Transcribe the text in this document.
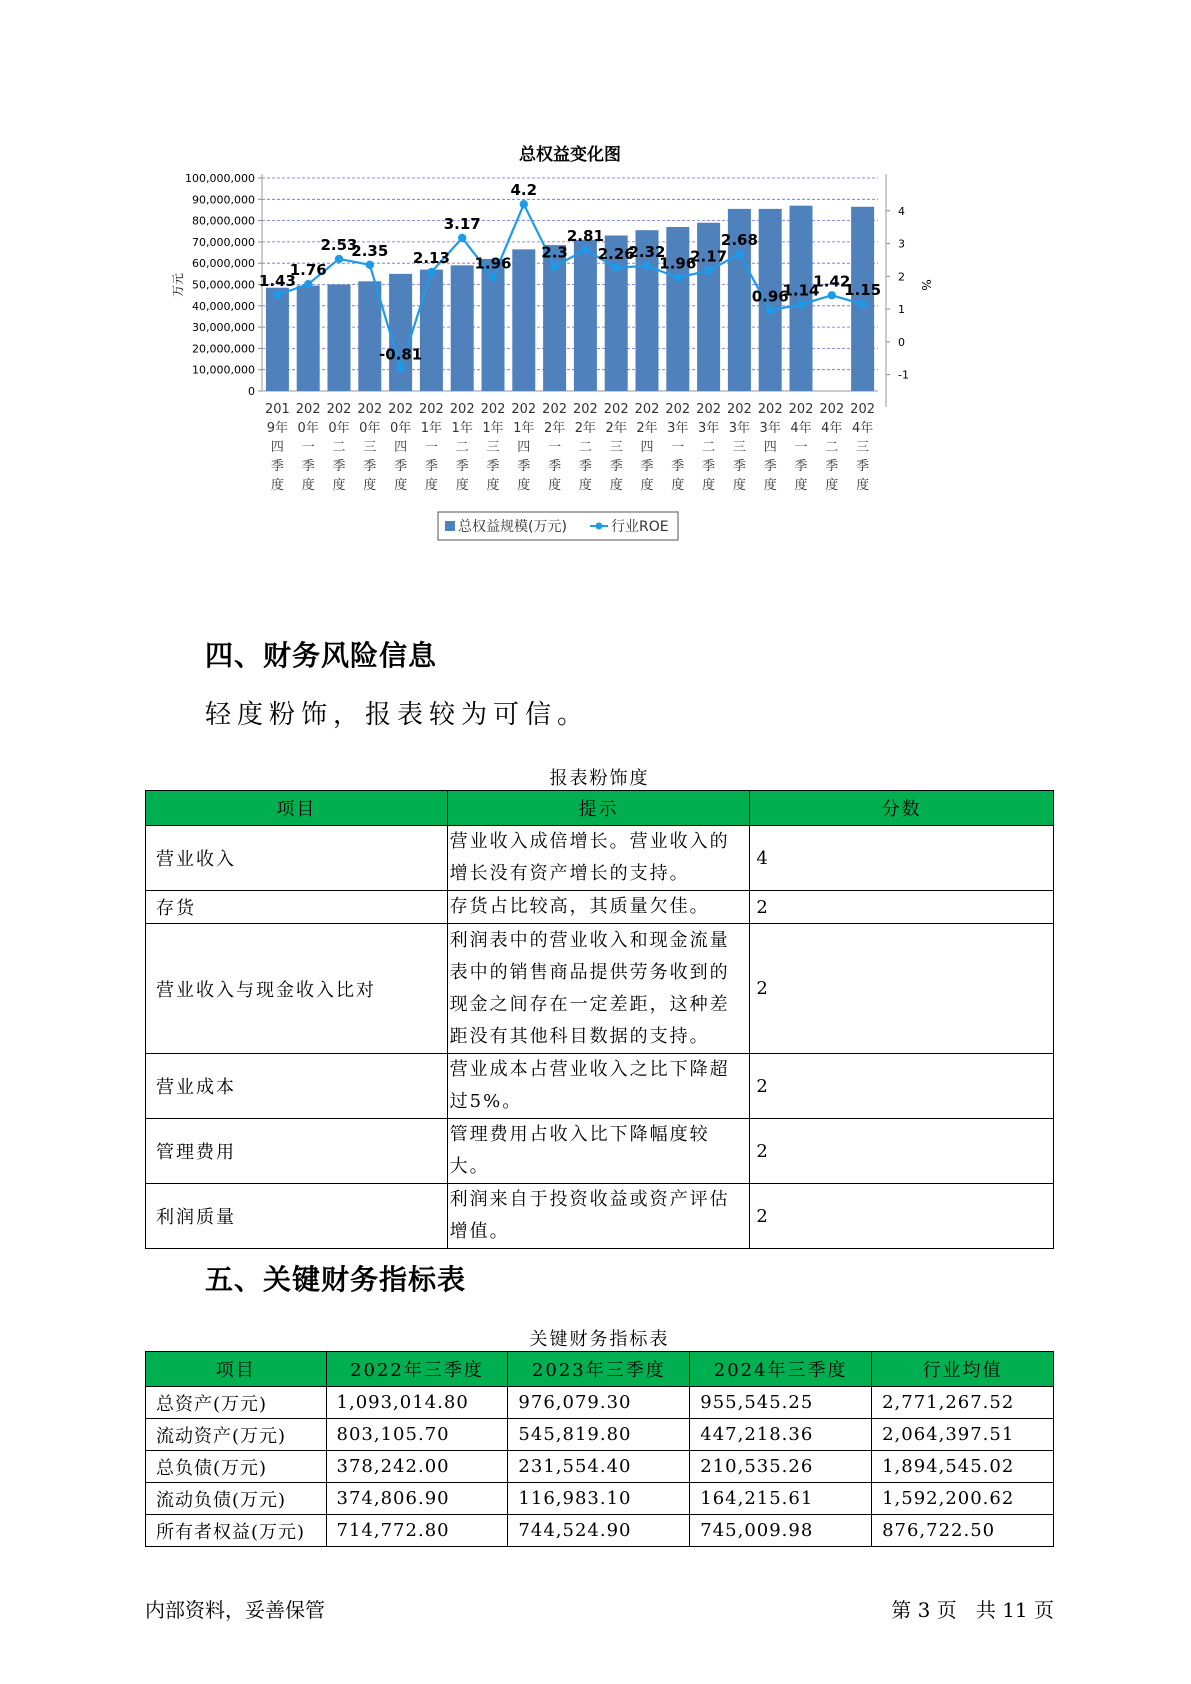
总权益变化图
100,000,000
90,000,000
80,000,000
70,000,000
60,000,000
50,000,000
40,000,000
30,000,000
20,000,000
10,000,000
0
4
3
2
1
0
-1
万元	%
1.43
1.76
2.53
2.35
-0.81
2.13
3.17
1.96
4.2
2.3
2.81
2.26
2.32
1.96
2.17
2.68
0.96
1.14
1.42
1.15
201
9年
四
季
度
202
0年
一
季
度
202
0年
二
季
度
202
0年
三
季
度
202
0年
四
季
度
202
1年
一
季
度
202
1年
二
季
度
202
1年
三
季
度
202
1年
四
季
度
202
2年
一
季
度
202
2年
二
季
度
202
2年
三
季
度
202
2年
四
季
度
202
3年
一
季
度
202
3年
二
季
度
202
3年
三
季
度
202
3年
四
季
度
202
4年
一
季
度
202
4年
二
季
度
202
4年
三
季
度
总权益规模(万元)	行业ROE
四、财务风险信息
轻度粉饰，报表较为可信。
报表粉饰度
项目	提示	分数
营业收入	营业收入成倍增长。营业收入的增长没有资产增长的支持。	4
存货	存货占比较高，其质量欠佳。	2
营业收入与现金收入比对	利润表中的营业收入和现金流量表中的销售商品提供劳务收到的现金之间存在一定差距，这种差距没有其他科目数据的支持。	2
营业成本	营业成本占营业收入之比下降超过5%。	2
管理费用	管理费用占收入比下降幅度较大。	2
利润质量	利润来自于投资收益或资产评估增值。	2
五、关键财务指标表
关键财务指标表
项目	2022年三季度	2023年三季度	2024年三季度	行业均值
总资产(万元)	1,093,014.80	976,079.30	955,545.25	2,771,267.52
流动资产(万元)	803,105.70	545,819.80	447,218.36	2,064,397.51
总负债(万元)	378,242.00	231,554.40	210,535.26	1,894,545.02
流动负债(万元)	374,806.90	116,983.10	164,215.61	1,592,200.62
所有者权益(万元)	714,772.80	744,524.90	745,009.98	876,722.50
内部资料，妥善保管	第 3 页 共 11 页
